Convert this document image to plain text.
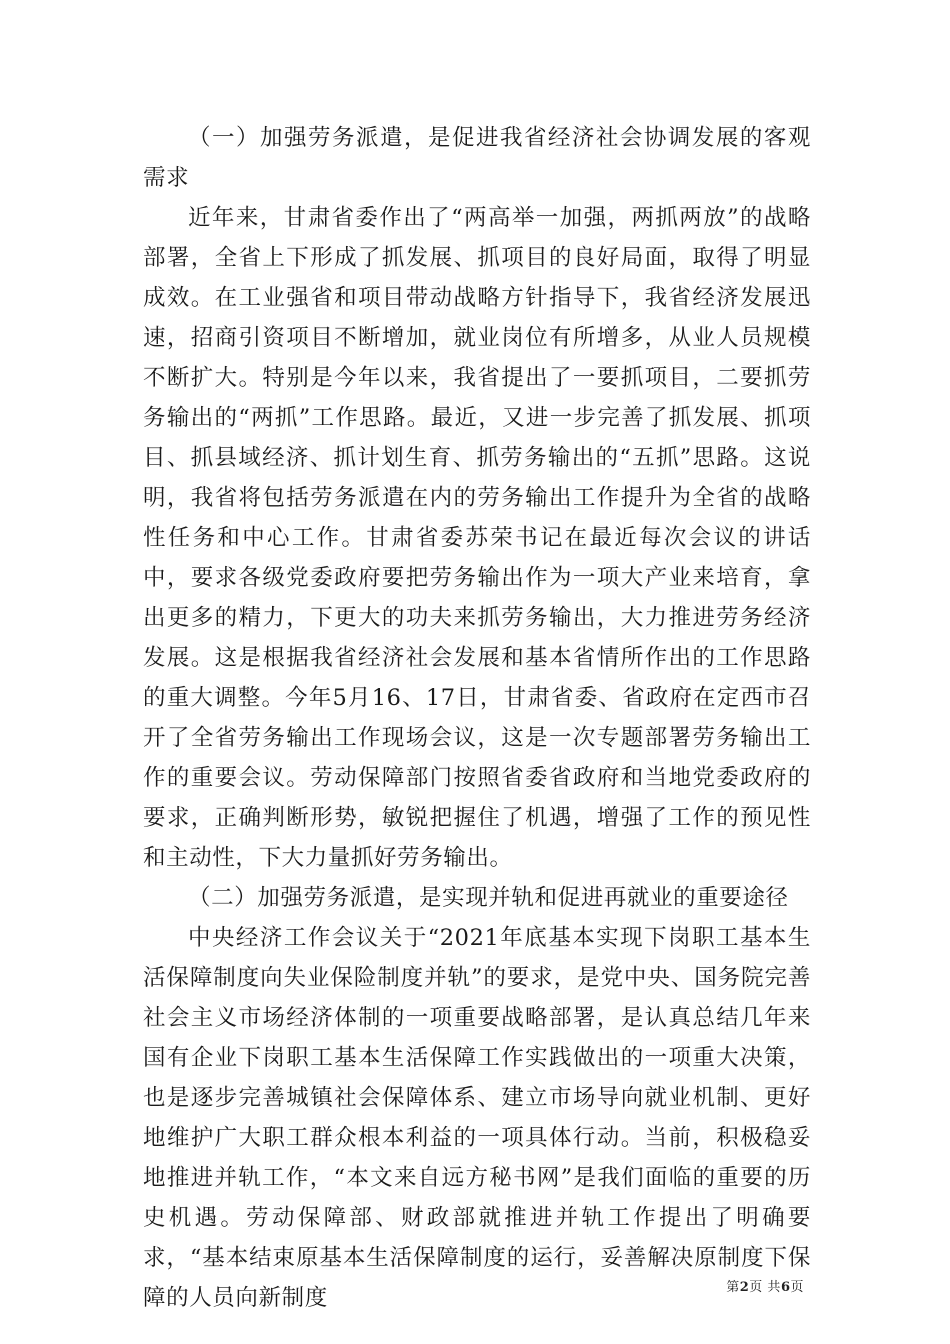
（一）加强劳务派遣，是促进我省经济社会协调发展的客观需求

近年来，甘肃省委作出了“两高举一加强，两抓两放”的战略部署，全省上下形成了抓发展、抓项目的良好局面，取得了明显成效。在工业强省和项目带动战略方针指导下，我省经济发展迅速，招商引资项目不断增加，就业岗位有所增多，从业人员规模不断扩大。特别是今年以来，我省提出了一要抓项目，二要抓劳务输出的“两抓”工作思路。最近，又进一步完善了抓发展、抓项目、抓县域经济、抓计划生育、抓劳务输出的“五抓”思路。这说明，我省将包括劳务派遣在内的劳务输出工作提升为全省的战略性任务和中心工作。甘肃省委苏荣书记在最近每次会议的讲话中，要求各级党委政府要把劳务输出作为一项大产业来培育，拿出更多的精力，下更大的功夫来抓劳务输出，大力推进劳务经济发展。这是根据我省经济社会发展和基本省情所作出的工作思路的重大调整。今年5月16、17日，甘肃省委、省政府在定西市召开了全省劳务输出工作现场会议，这是一次专题部署劳务输出工作的重要会议。劳动保障部门按照省委省政府和当地党委政府的要求，正确判断形势，敏锐把握住了机遇，增强了工作的预见性和主动性，下大力量抓好劳务输出。

（二）加强劳务派遣，是实现并轨和促进再就业的重要途径

中央经济工作会议关于“2021年底基本实现下岗职工基本生活保障制度向失业保险制度并轨”的要求，是党中央、国务院完善社会主义市场经济体制的一项重要战略部署，是认真总结几年来国有企业下岗职工基本生活保障工作实践做出的一项重大决策，也是逐步完善城镇社会保障体系、建立市场导向就业机制、更好地维护广大职工群众根本利益的一项具体行动。当前，积极稳妥地推进并轨工作，“本文来自远方秘书网”是我们面临的重要的历史机遇。劳动保障部、财政部就推进并轨工作提出了明确要求，“基本结束原基本生活保障制度的运行，妥善解决原制度下保障的人员向新制度	第2页 共6页
